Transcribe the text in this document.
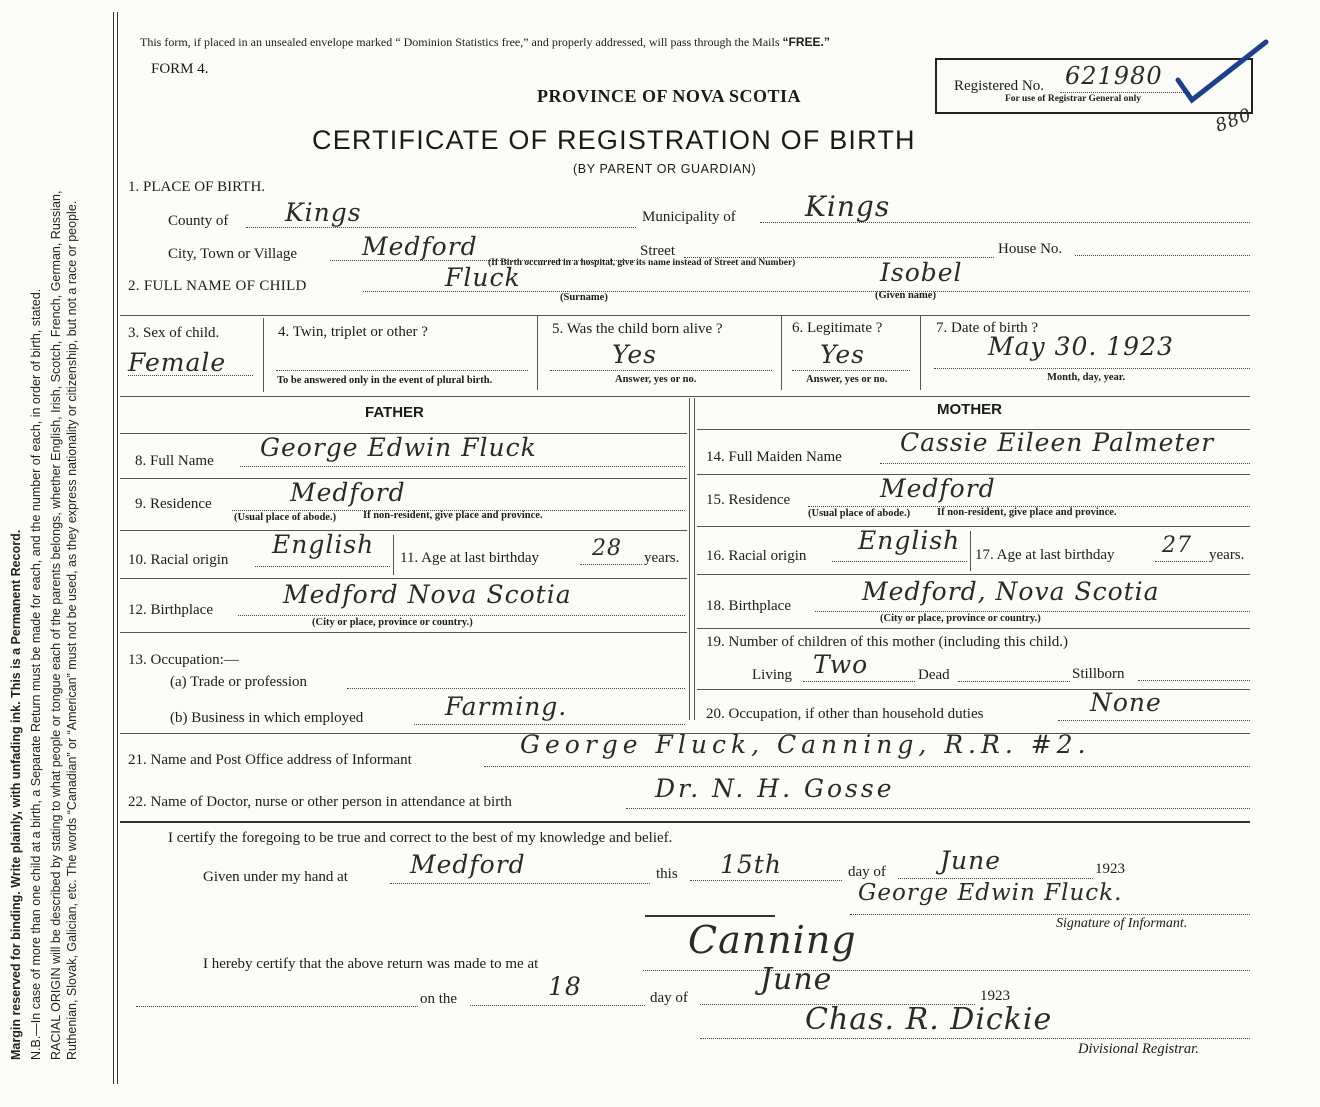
Margin reserved for binding. Write plainly, with unfading ink. This is a Permanent Record. N.B.—In case of more than one child at a birth, a Separate Return must be made for each, and the number of each, in order of birth, stated. RACIAL ORIGIN will be described by stating to what people or tongue each of the parents belongs, whether English, Irish, Scotch, French, German, Russian, Ruthenian, Slovak, Galician, etc. The words “Canadian” or “American” must not be used, as they express nationality or citizenship, but not a race or people.
This form, if placed in an unsealed envelope marked “ Dominion Statistics free,” and properly addressed, will pass through the Mails “FREE.”
FORM 4.
PROVINCE OF NOVA SCOTIA
CERTIFICATE OF REGISTRATION OF BIRTH
(BY PARENT OR GUARDIAN)
Registered No. 621980
For use of Registrar General only
880
1. PLACE OF BIRTH.
County of Kings	Municipality of Kings
City, Town or Village	Medford	Street	House No.
(If Birth occurred in a hospital, give its name instead of Street and Number)
2. FULL NAME OF CHILD	Fluck
(Surname)
Isobel
(Given name)
3. Sex of child.
Female
4. Twin, triplet or other ?
To be answered only in the event of plural birth.
5. Was the child born alive ?
Yes
Answer, yes or no.
6. Legitimate ?
Yes
Answer, yes or no.
7. Date of birth ?
May 30. 1923
Month, day, year.
FATHER
8. Full Name George Edwin Fluck
9. Residence	Medford
(Usual place of abode.)	If non-resident, give place and province.
10. Racial origin
English 11. Age at last birthday 28 years.
12. Birthplace
Medford Nova Scotia
(City or place, province or country.)
13. Occupation:—
(a) Trade or profession
(b) Business in which employed	Farming.
MOTHER
14. Full Maiden Name Cassie Eileen Palmeter
15. Residence	Medford
(Usual place of abode.)	If non-resident, give place and province.
16. Racial origin
English 17. Age at last birthday 27 years.
18. Birthplace	Medford, Nova Scotia
(City or place, province or country.)
19. Number of children of this mother (including this child.)
Living Two	Dead	Stillborn
20. Occupation, if other than household duties	None
21. Name and Post Office address of Informant
George Fluck, Canning, R.R. #2.
22. Name of Doctor, nurse or other person in attendance at birth	Dr. N. H. Gosse
I certify the foregoing to be true and correct to the best of my knowledge and belief.
Given under my hand at Medford	this 15th	day of June	1923
George Edwin Fluck.
Signature of Informant.
I hereby certify that the above return was made to me at
Canning
on the	18	day of
June	1923
Chas. R. Dickie
Divisional Registrar.
